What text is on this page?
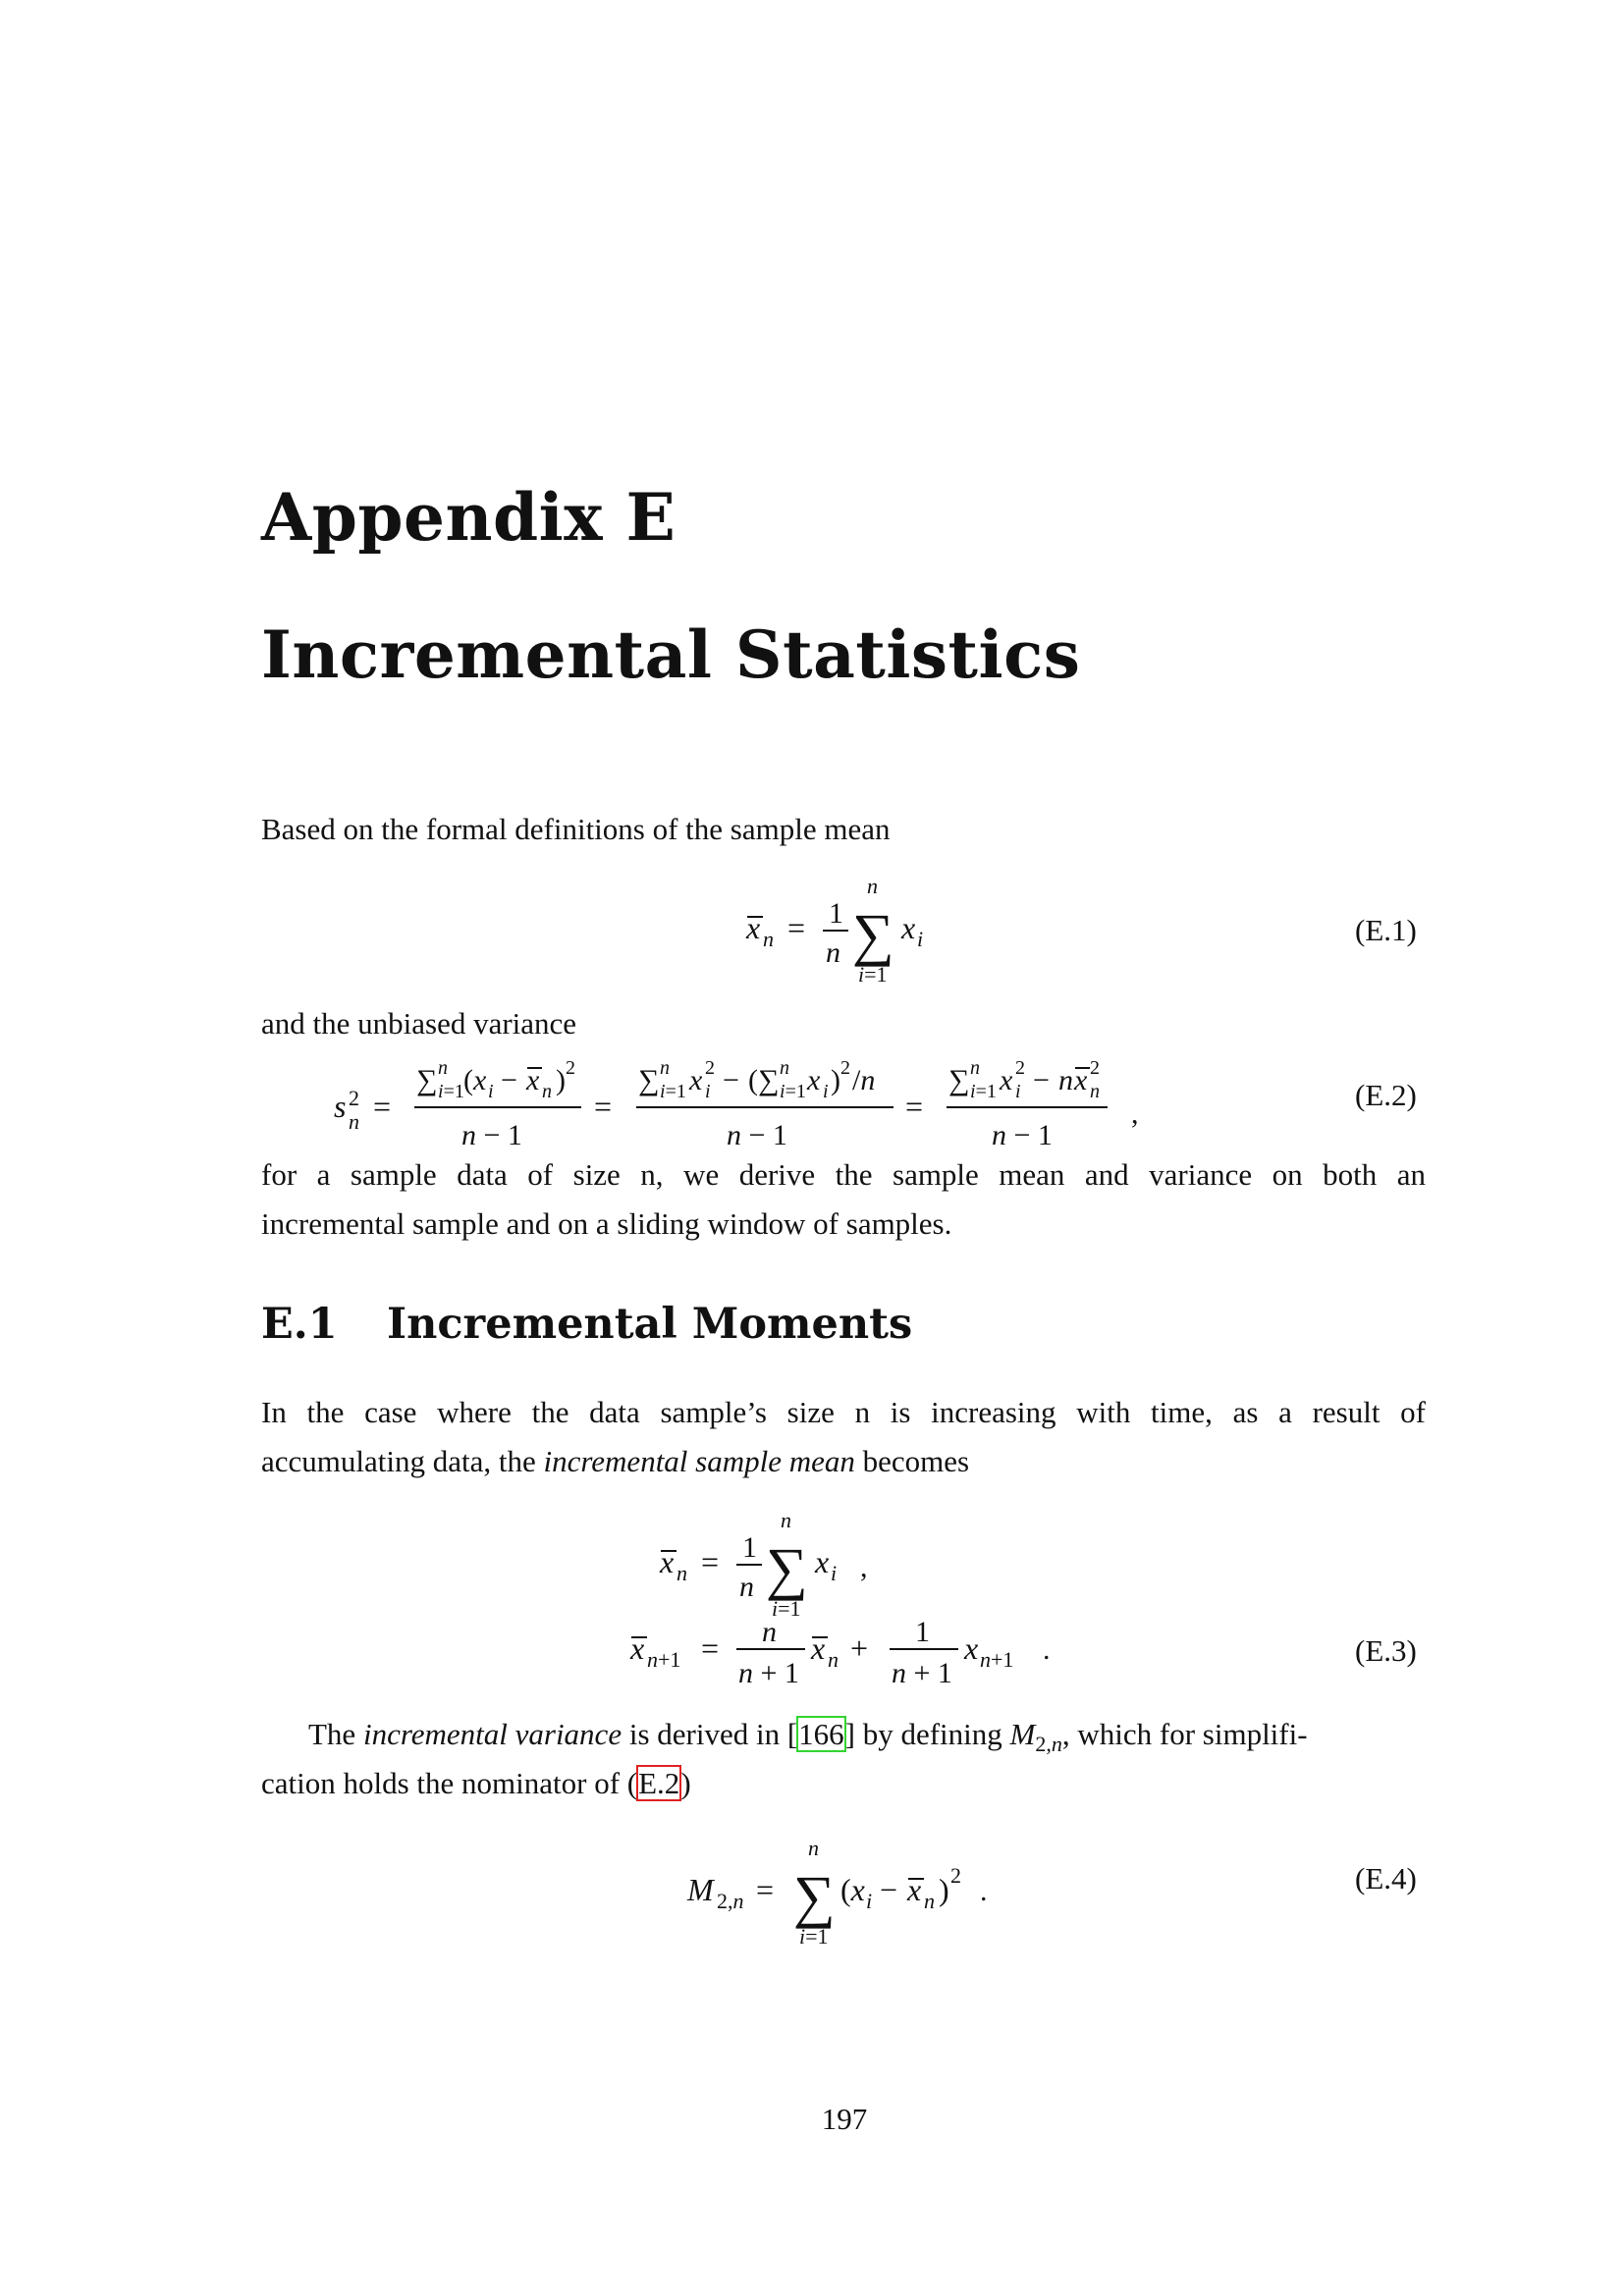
Appendix E
Incremental Statistics
Based on the formal definitions of the sample mean
x n = 1
n ∑
n
i=1
x i	(E.1)
and the unbiased variance
s 2
n =
∑ n
i=1 (x i − x n ) 2
n − 1
=
∑ n
i=1 x 2
i − (∑ n
i=1 x i ) 2 /n
n − 1
=
∑ n
i=1 x 2
i − n x 2
n
n − 1
,
(E.2)
for a sample data of size n, we derive the sample mean and variance on both an
incremental sample and on a sliding window of samples.
E.1 Incremental Moments
In the case where the data sample’s size n is increasing with time, as a result of
accumulating data, the incremental sample mean becomes
x n = 1
n ∑
n
i=1
x i ,
x n+1 = n
n + 1
x n + 1
n + 1
x n+1 .	(E.3)
The incremental variance is derived in [166] by defining $M_{2,n}$, which for simplifi-
cation holds the nominator of (E.2)
M 2,n = ∑
n
i=1
(x i − x n ) 2 .	(E.4)
197
